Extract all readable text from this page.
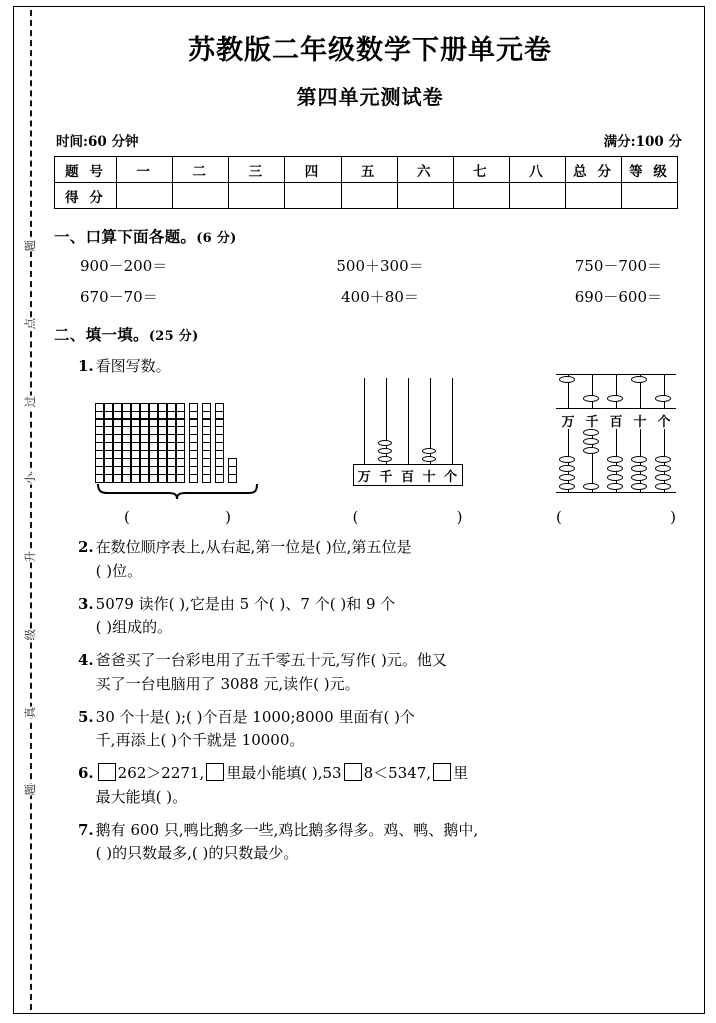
题
点
过
小
升
级
真
题
苏教版二年级数学下册单元卷
第四单元测试卷
时间:60 分钟	满分:100 分
题 号	一	二	三	四	五	六	七	八	总 分	等 级
得 分										
一、口算下面各题。(6 分)
900－200＝	500＋300＝	750－700＝
670－70＝	400＋80＝	690－600＝
二、填一填。(25 分)
1. 看图写数。
(	)
万 千 百 十 个
(	)
万 千 百 十 个
(	)
2. 在数位顺序表上,从右起,第一位是( )位,第五位是
( )位。
3. 5079 读作( ),它是由 5 个( )、7 个( )和 9 个
( )组成的。
4. 爸爸买了一台彩电用了五千零五十元,写作( )元。他又
买了一台电脑用了 3088 元,读作( )元。
5. 30 个十是( );( )个百是 1000;8000 里面有( )个
千,再添上( )个千就是 10000。
6.	262＞2271, 里最小能填( ),53 8＜5347, 里
最大能填( )。
7. 鹅有 600 只,鸭比鹅多一些,鸡比鹅多得多。鸡、鸭、鹅中,
( )的只数最多,( )的只数最少。
